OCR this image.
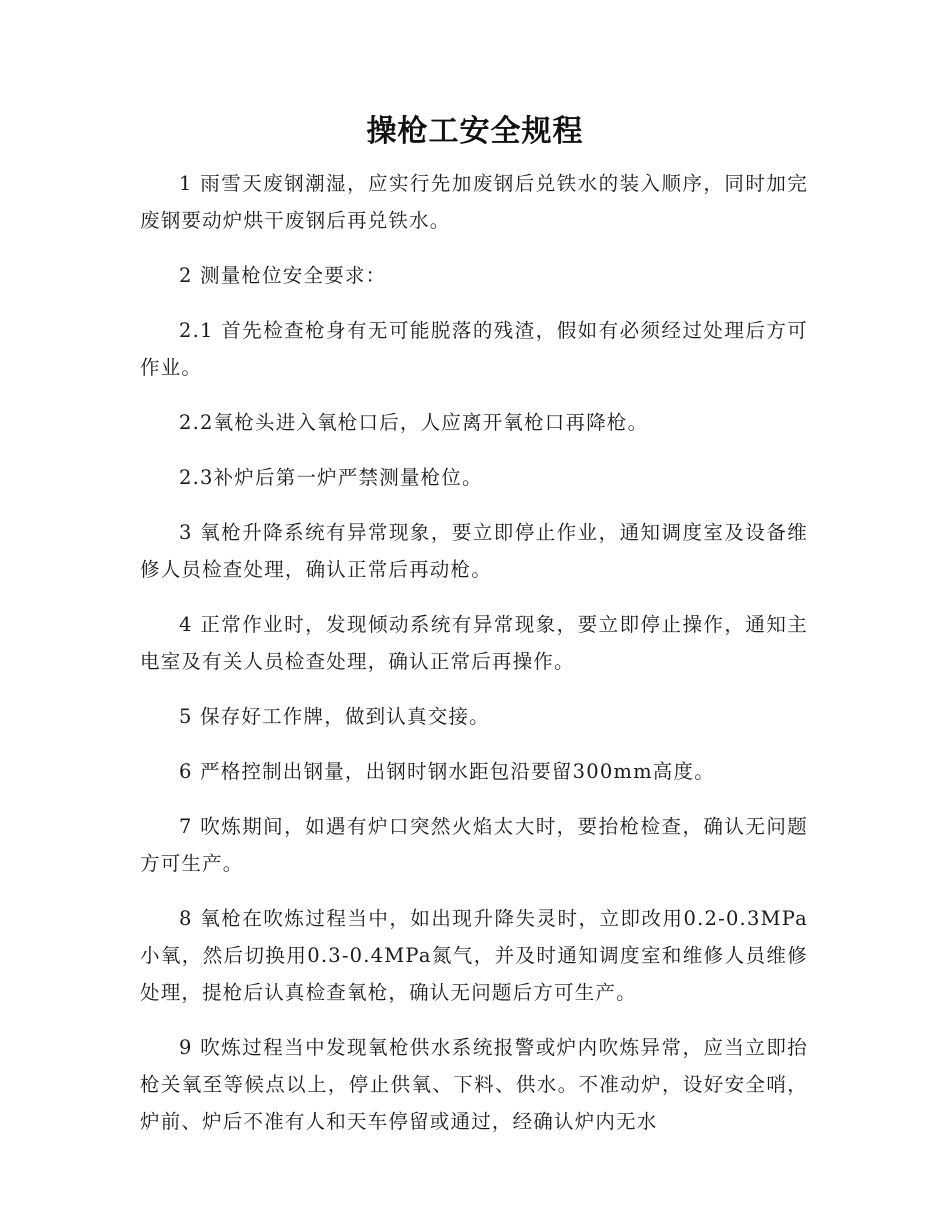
操枪工安全规程

1 雨雪天废钢潮湿，应实行先加废钢后兑铁水的装入顺序，同时加完废钢要动炉烘干废钢后再兑铁水。

2 测量枪位安全要求：

2.1 首先检查枪身有无可能脱落的残渣，假如有必须经过处理后方可作业。

2.2氧枪头进入氧枪口后，人应离开氧枪口再降枪。

2.3补炉后第一炉严禁测量枪位。

3 氧枪升降系统有异常现象，要立即停止作业，通知调度室及设备维修人员检查处理，确认正常后再动枪。

4 正常作业时，发现倾动系统有异常现象，要立即停止操作，通知主电室及有关人员检查处理，确认正常后再操作。

5 保存好工作牌，做到认真交接。

6 严格控制出钢量，出钢时钢水距包沿要留300mm高度。

7 吹炼期间，如遇有炉口突然火焰太大时，要抬枪检查，确认无问题方可生产。

8 氧枪在吹炼过程当中，如出现升降失灵时，立即改用0.2-0.3MPa小氧，然后切换用0.3-0.4MPa氮气，并及时通知调度室和维修人员维修处理，提枪后认真检查氧枪，确认无问题后方可生产。

9 吹炼过程当中发现氧枪供水系统报警或炉内吹炼异常，应当立即抬枪关氧至等候点以上，停止供氧、下料、供水。不准动炉，设好安全哨，炉前、炉后不准有人和天车停留或通过，经确认炉内无水
